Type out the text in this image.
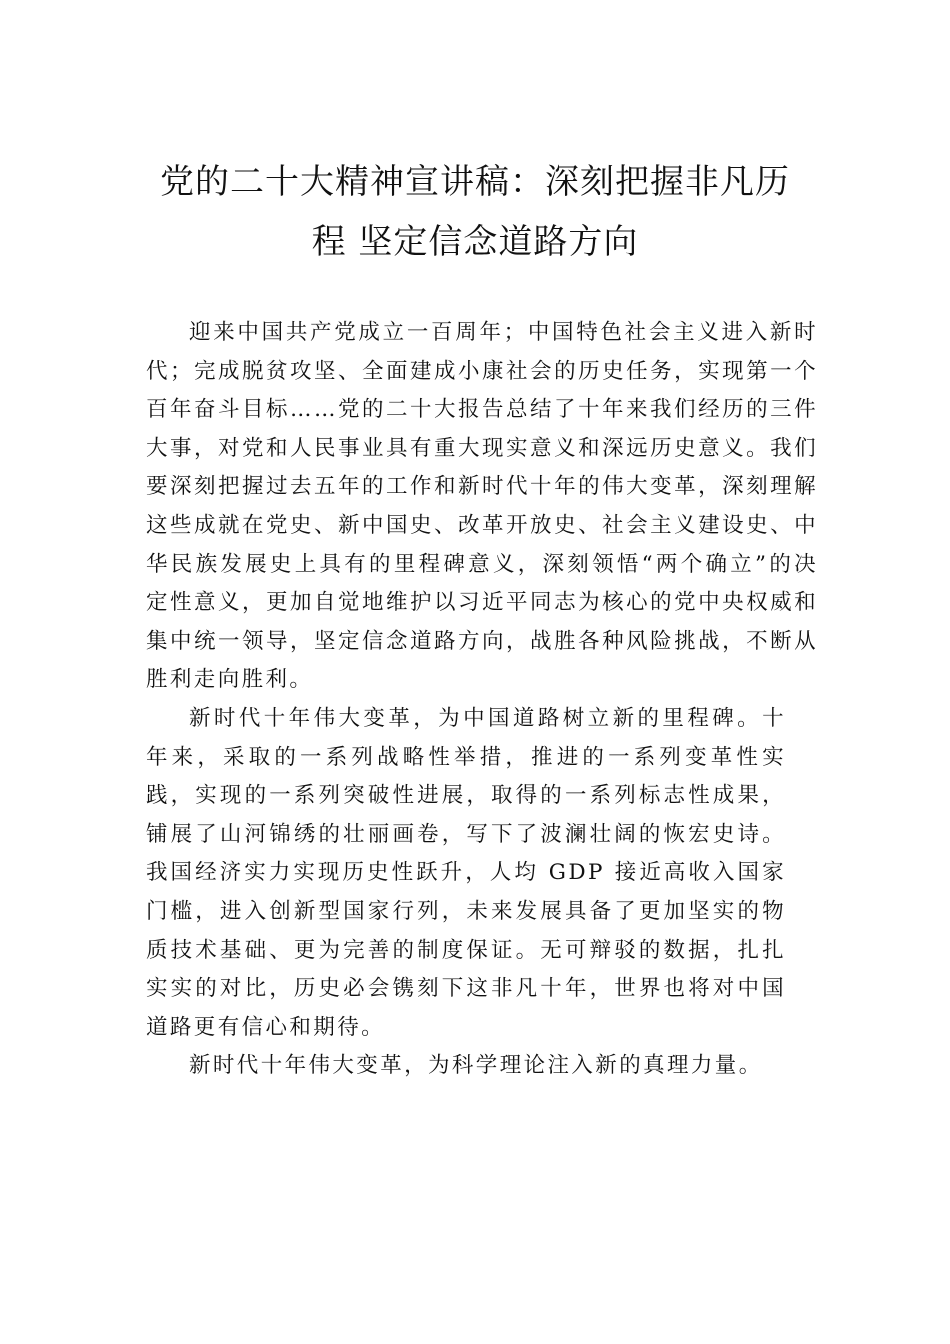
党的二十大精神宣讲稿：深刻把握非凡历
程 坚定信念道路方向

迎来中国共产党成立一百周年；中国特色社会主义进入新时代；完成脱贫攻坚、全面建成小康社会的历史任务，实现第一个百年奋斗目标……党的二十大报告总结了十年来我们经历的三件大事，对党和人民事业具有重大现实意义和深远历史意义。我们要深刻把握过去五年的工作和新时代十年的伟大变革，深刻理解这些成就在党史、新中国史、改革开放史、社会主义建设史、中华民族发展史上具有的里程碑意义，深刻领悟“两个确立”的决定性意义，更加自觉地维护以习近平同志为核心的党中央权威和集中统一领导，坚定信念道路方向，战胜各种风险挑战，不断从胜利走向胜利。

新时代十年伟大变革，为中国道路树立新的里程碑。十年来，采取的一系列战略性举措，推进的一系列变革性实践，实现的一系列突破性进展，取得的一系列标志性成果，铺展了山河锦绣的壮丽画卷，写下了波澜壮阔的恢宏史诗。我国经济实力实现历史性跃升，人均 GDP 接近高收入国家门槛，进入创新型国家行列，未来发展具备了更加坚实的物质技术基础、更为完善的制度保证。无可辩驳的数据，扎扎实实的对比，历史必会镌刻下这非凡十年，世界也将对中国道路更有信心和期待。

新时代十年伟大变革，为科学理论注入新的真理力量。
